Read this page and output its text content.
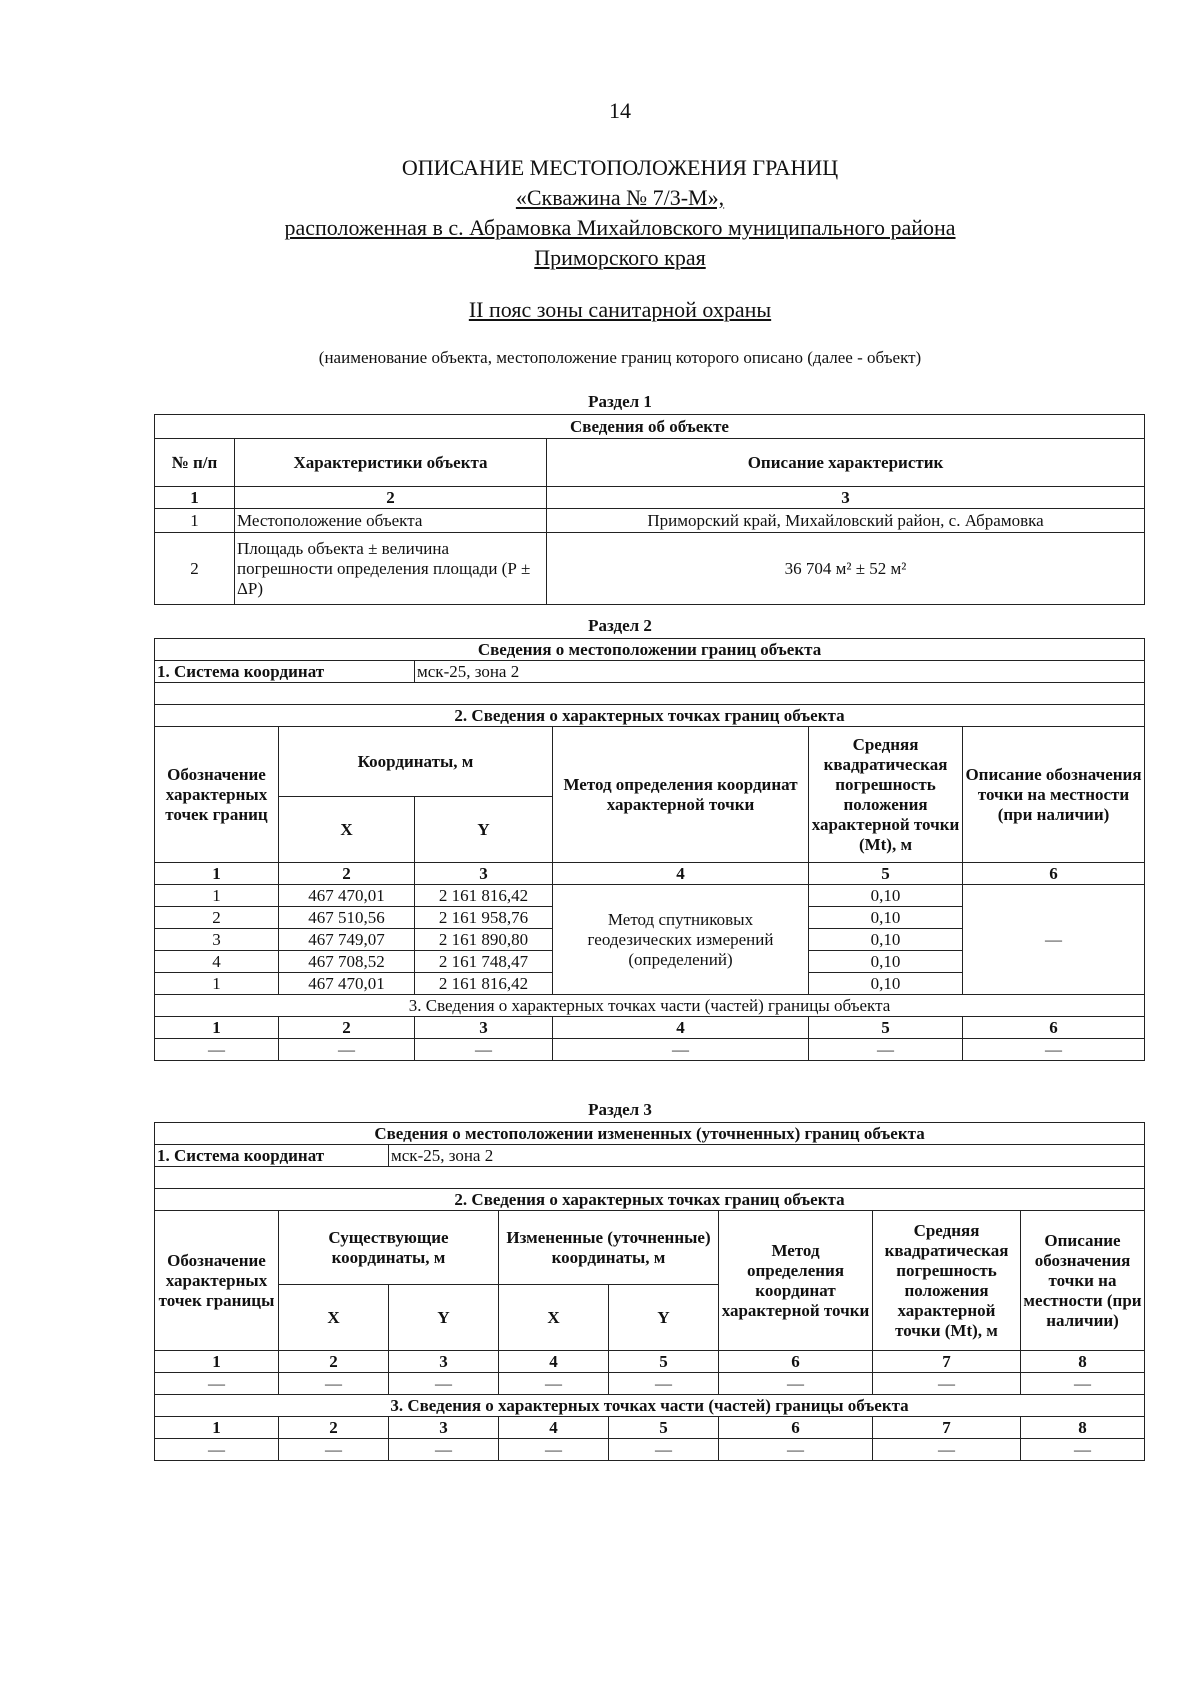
14
ОПИСАНИЕ МЕСТОПОЛОЖЕНИЯ ГРАНИЦ
«Скважина № 7/3-М»,
расположенная в с. Абрамовка Михайловского муниципального района
Приморского края
II пояс зоны санитарной охраны
(наименование объекта, местоположение границ которого описано (далее - объект)
Раздел 1
Сведения об объекте		
№ п/п	Характеристики объекта	Описание характеристик
1	2	3
1	Местоположение объекта	Приморский край, Михайловский район, с. Абрамовка
2	Площадь объекта ± величина погрешности определения площади (Р ± ΔР)	36 704 м² ± 52 м²
Раздел 2
Сведения о местоположении границ объекта					
1. Система координат		мск-25, зона 2			

2. Сведения о характерных точках границ объекта					
Обозначение характерных точек границ	Координаты, м		Метод определения координат характерной точки	Средняя квадратическая погрешность положения характерной точки (Mt), м	Описание обозначения точки на местности (при наличии)
	X	Y			
1	2	3	4	5	6
1	467 470,01	2 161 816,42	Метод спутниковых геодезических измерений (определений)	0,10	—
2	467 510,56	2 161 958,76		0,10	
3	467 749,07	2 161 890,80		0,10	
4	467 708,52	2 161 748,47		0,10	
1	467 470,01	2 161 816,42		0,10	
3. Сведения о характерных точках части (частей) границы объекта					
1	2	3	4	5	6
—	—	—	—	—	—
Раздел 3
Сведения о местоположении измененных (уточненных) границ объекта							
1. Система координат		мск-25, зона 2					

2. Сведения о характерных точках границ объекта							
Обозначение характерных точек границы	Существующие координаты, м		Измененные (уточненные) координаты, м		Метод определения координат характерной точки	Средняя квадратическая погрешность положения характерной точки (Mt), м	Описание обозначения точки на местности (при наличии)
	X	Y	X	Y			
1	2	3	4	5	6	7	8
—	—	—	—	—	—	—	—
3. Сведения о характерных точках части (частей) границы объекта							
1	2	3	4	5	6	7	8
—	—	—	—	—	—	—	—
